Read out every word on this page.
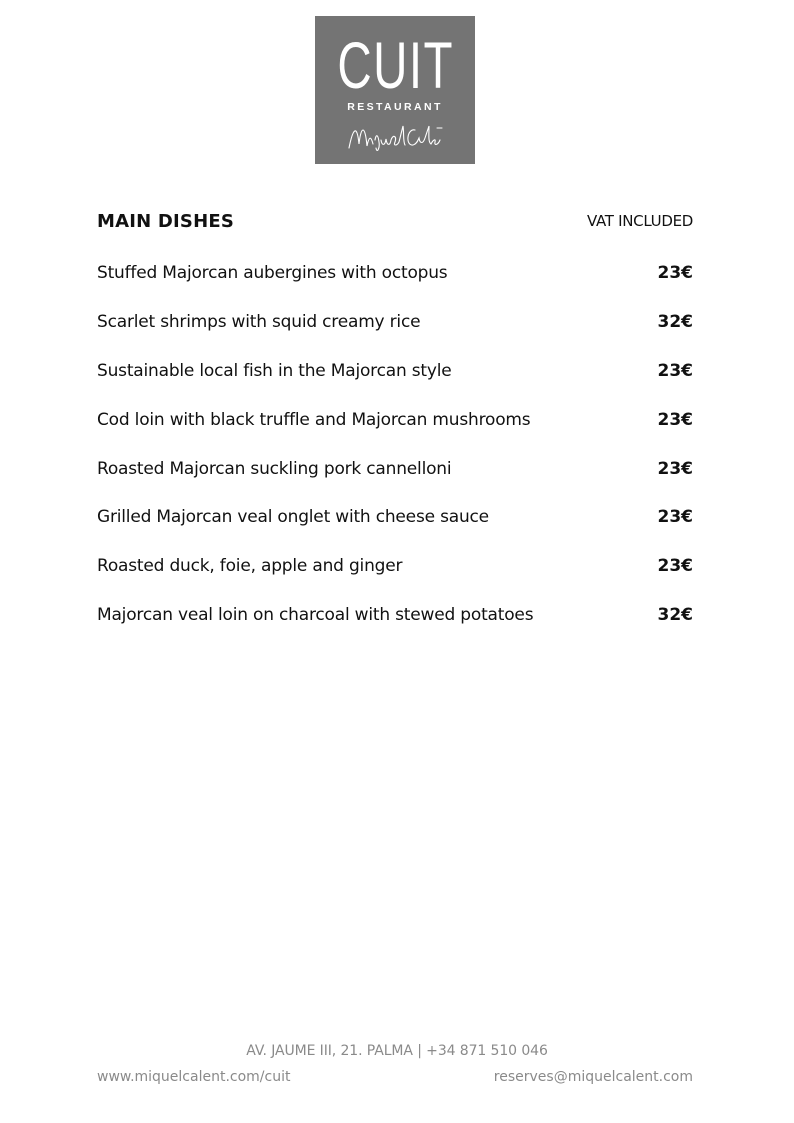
CUIT
RESTAURANT
MAIN DISHES	VAT INCLUDED
Stuffed Majorcan aubergines with octopus	23€
Scarlet shrimps with squid creamy rice	32€
Sustainable local fish in the Majorcan style	23€
Cod loin with black truffle and Majorcan mushrooms	23€
Roasted Majorcan suckling pork cannelloni	23€
Grilled Majorcan veal onglet with cheese sauce	23€
Roasted duck, foie, apple and ginger	23€
Majorcan veal loin on charcoal with stewed potatoes	32€
AV. JAUME III, 21. PALMA | +34 871 510 046
www.miquelcalent.com/cuit	reserves@miquelcalent.com
